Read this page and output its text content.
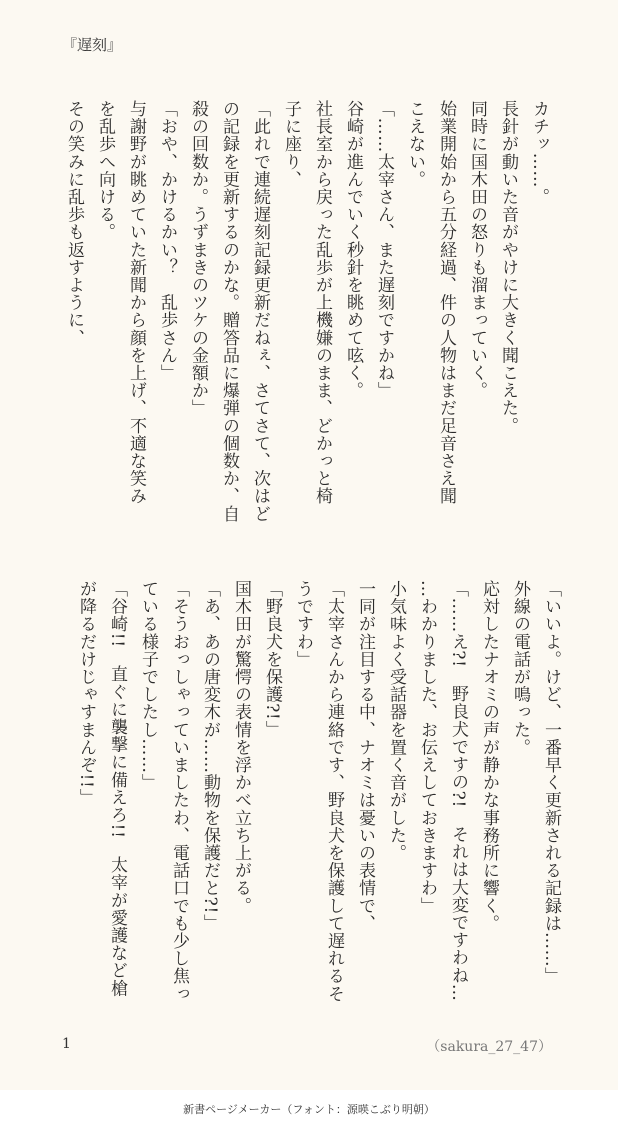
『遅刻』
カチッ……。
長針が動いた音がやけに大きく聞こえた。
同時に国木田の怒りも溜まっていく。
始業開始から五分経過、件の人物はまだ足音さえ聞
こえない。
「……太宰さん、また遅刻ですかね」
谷崎が進んでいく秒針を眺めて呟く。
社長室から戻った乱歩が上機嫌のまま、どかっと椅
子に座り、
「此れで連続遅刻記録更新だねぇ、さてさて、次はど
の記録を更新するのかな。贈答品に爆弾の個数か、自
殺の回数か。うずまきのツケの金額か」
「おや、かけるかい？　乱歩さん」
与謝野が眺めていた新聞から顔を上げ、不適な笑み
を乱歩へ向ける。
その笑みに乱歩も返すように、
「いいよ。けど、一番早く更新される記録は……」
外線の電話が鳴った。
応対したナオミの声が静かな事務所に響く。
「……え?!　野良犬ですの?!　それは大変ですわね…
…わかりました、お伝えしておきますわ」
小気味よく受話器を置く音がした。
一同が注目する中、ナオミは憂いの表情で、
「太宰さんから連絡です、野良犬を保護して遅れるそ
うですわ」
「野良犬を保護?!」
国木田が驚愕の表情を浮かべ立ち上がる。
「あ、あの唐変木が……動物を保護だと?!」
「そうおっしゃっていましたわ、電話口でも少し焦っ
ている様子でしたし……」
「谷崎!!　直ぐに襲撃に備えろ!!　太宰が愛護など槍
が降るだけじゃすまんぞ!!」
1	（sakura_27_47）
新書ページメーカー（フォント：源暎こぶり明朝）
